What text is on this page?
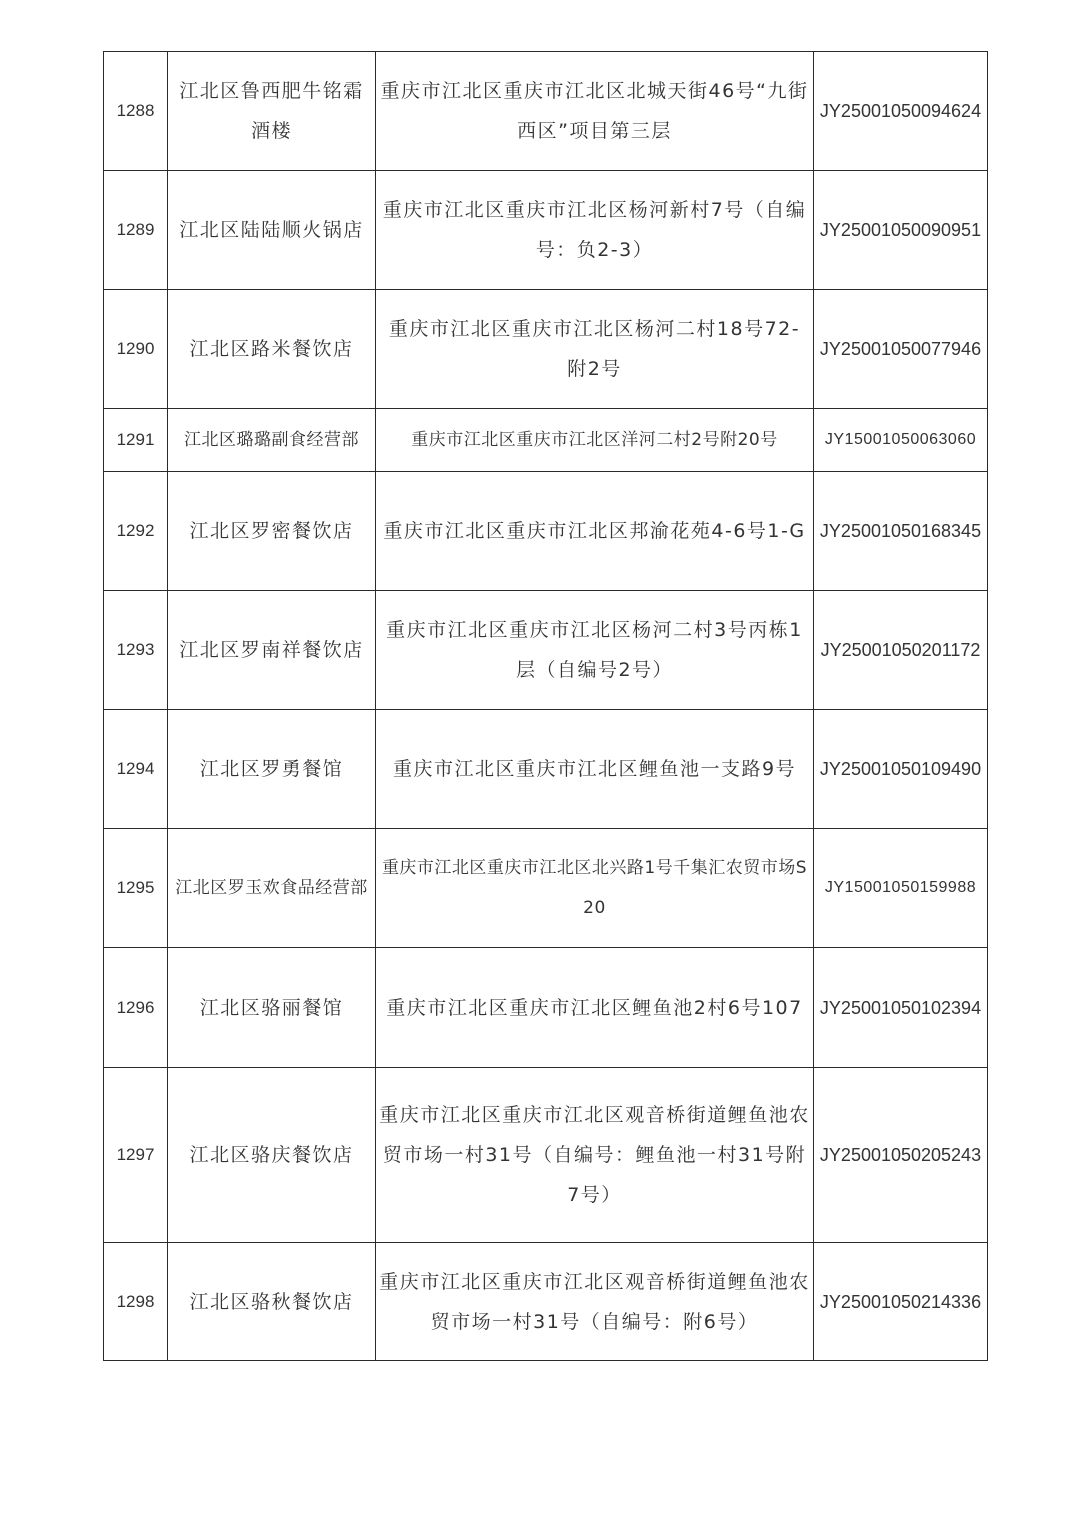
1288	江北区鲁西肥牛铭霜酒楼	重庆市江北区重庆市江北区北城天街46号“九街西区”项目第三层	JY25001050094624
1289	江北区陆陆顺火锅店	重庆市江北区重庆市江北区杨河新村7号（自编号：负2-3）	JY25001050090951
1290	江北区路米餐饮店	重庆市江北区重庆市江北区杨河二村18号72-附2号	JY25001050077946
1291	江北区璐璐副食经营部	重庆市江北区重庆市江北区洋河二村2号附20号	JY15001050063060
1292	江北区罗密餐饮店	重庆市江北区重庆市江北区邦渝花苑4-6号1-G	JY25001050168345
1293	江北区罗南祥餐饮店	重庆市江北区重庆市江北区杨河二村3号丙栋1层（自编号2号）	JY25001050201172
1294	江北区罗勇餐馆	重庆市江北区重庆市江北区鲤鱼池一支路9号	JY25001050109490
1295	江北区罗玉欢食品经营部	重庆市江北区重庆市江北区北兴路1号千集汇农贸市场S20	JY15001050159988
1296	江北区骆丽餐馆	重庆市江北区重庆市江北区鲤鱼池2村6号107	JY25001050102394
1297	江北区骆庆餐饮店	重庆市江北区重庆市江北区观音桥街道鲤鱼池农贸市场一村31号（自编号：鲤鱼池一村31号附7号）	JY25001050205243
1298	江北区骆秋餐饮店	重庆市江北区重庆市江北区观音桥街道鲤鱼池农贸市场一村31号（自编号：附6号）	JY25001050214336
